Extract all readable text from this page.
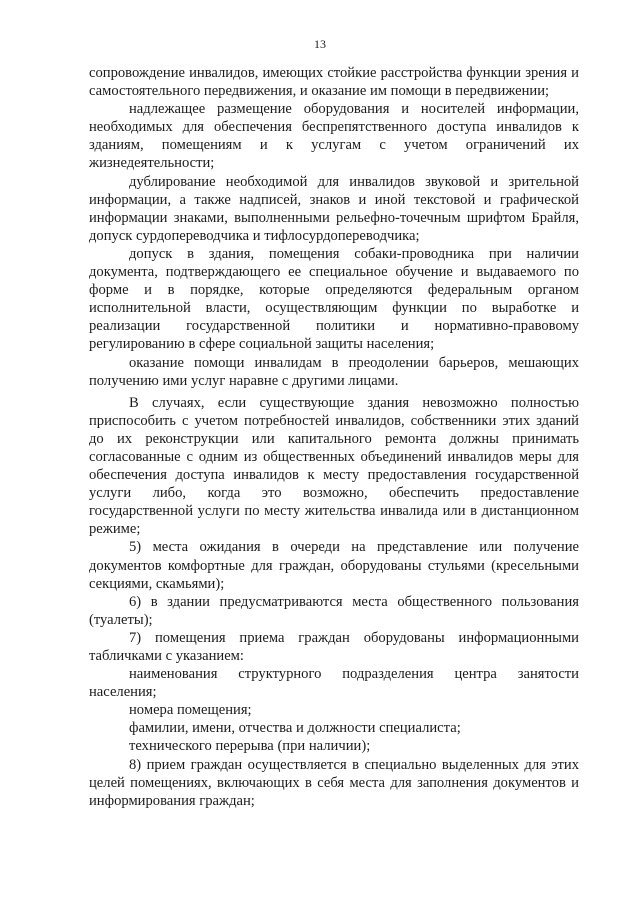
13

сопровождение инвалидов, имеющих стойкие расстройства функции зрения и самостоятельного передвижения, и оказание им помощи в передвижении;

надлежащее размещение оборудования и носителей информации, необходимых для обеспечения беспрепятственного доступа инвалидов к зданиям, помещениям и к услугам с учетом ограничений их жизнедеятельности;

дублирование необходимой для инвалидов звуковой и зрительной информации, а также надписей, знаков и иной текстовой и графической информации знаками, выполненными рельефно-точечным шрифтом Брайля, допуск сурдопереводчика и тифлосурдопереводчика;

допуск в здания, помещения собаки-проводника при наличии документа, подтверждающего ее специальное обучение и выдаваемого по форме и в порядке, которые определяются федеральным органом исполнительной власти, осуществляющим функции по выработке и реализации государственной политики и нормативно-правовому регулированию в сфере социальной защиты населения;

оказание помощи инвалидам в преодолении барьеров, мешающих получению ими услуг наравне с другими лицами.

В случаях, если существующие здания невозможно полностью приспособить с учетом потребностей инвалидов, собственники этих зданий до их реконструкции или капитального ремонта должны принимать согласованные с одним из общественных объединений инвалидов меры для обеспечения доступа инвалидов к месту предоставления государственной услуги либо, когда это возможно, обеспечить предоставление государственной услуги по месту жительства инвалида или в дистанционном режиме;

5) места ожидания в очереди на представление или получение документов комфортные для граждан, оборудованы стульями (кресельными секциями, скамьями);

6) в здании предусматриваются места общественного пользования (туалеты);

7) помещения приема граждан оборудованы информационными табличками с указанием:

наименования структурного подразделения центра занятости населения;

номера помещения;

фамилии, имени, отчества и должности специалиста;

технического перерыва (при наличии);

8) прием граждан осуществляется в специально выделенных для этих целей помещениях, включающих в себя места для заполнения документов и информирования граждан;
